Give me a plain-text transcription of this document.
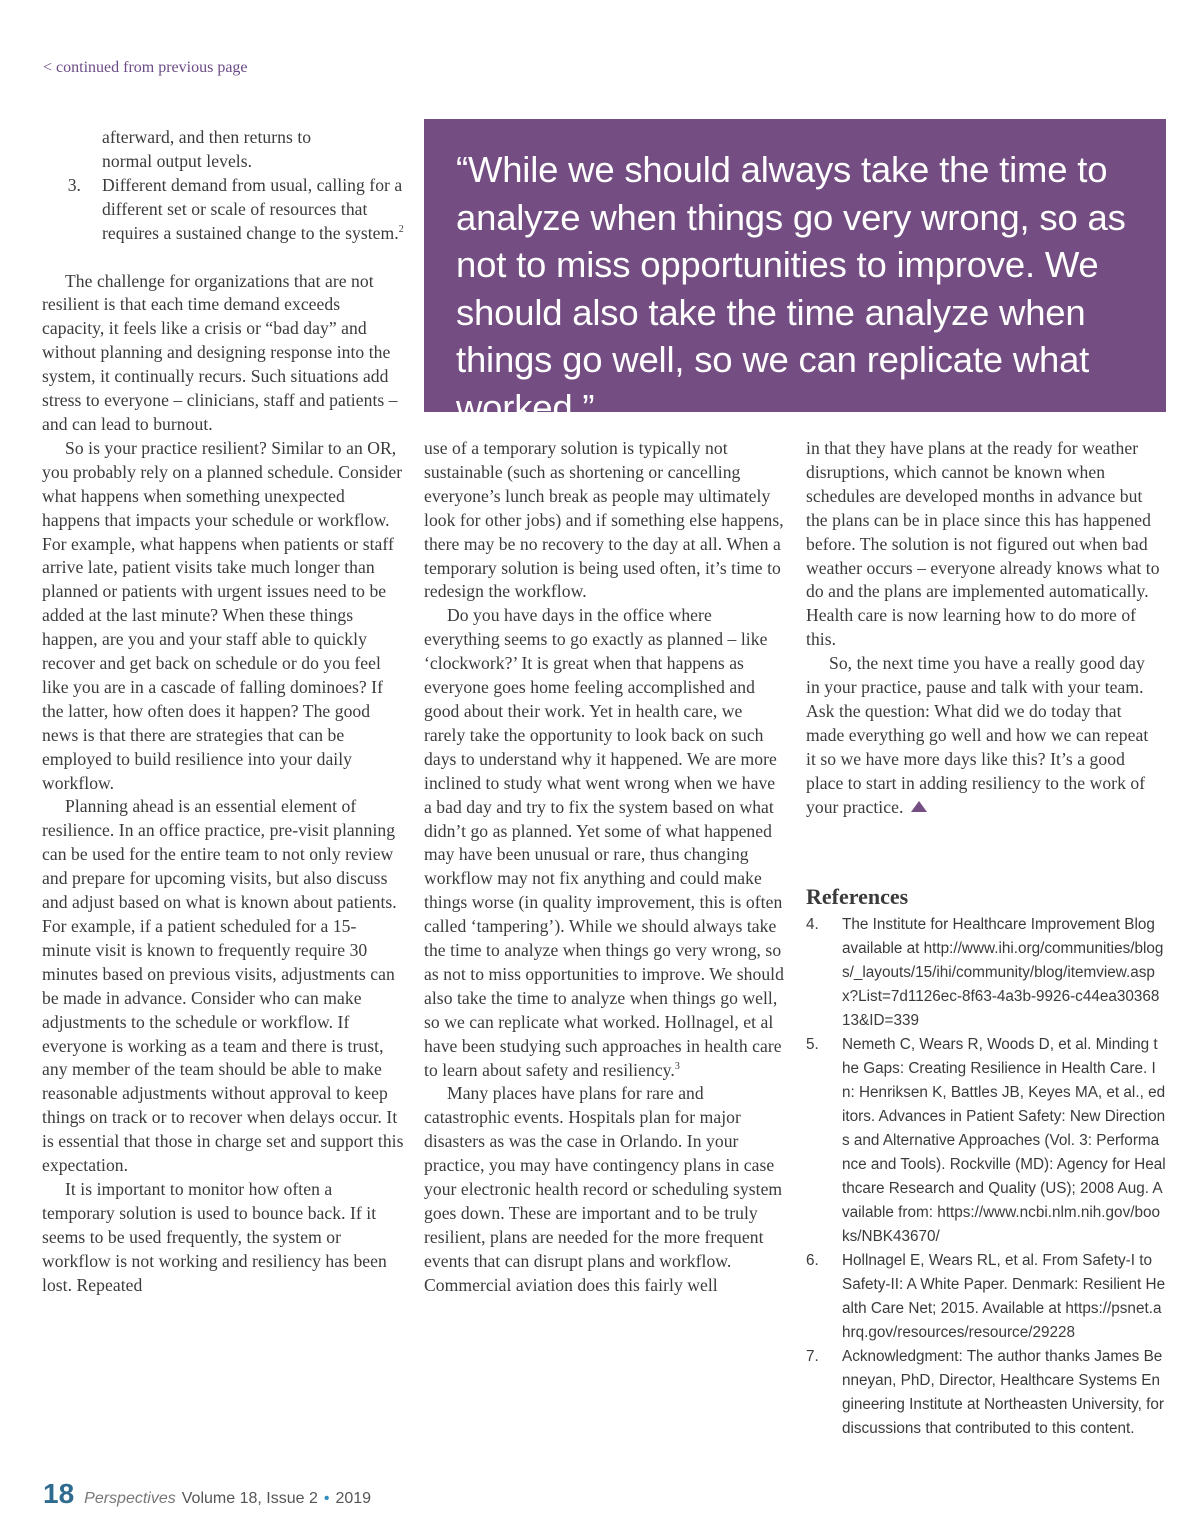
< continued from previous page
afterward, and then returns to
normal output levels.
3.	Different demand from usual, calling for a different set or scale of resources that requires a sustained change to the system.$^2$

The challenge for organizations that are not resilient is that each time demand exceeds capacity, it feels like a crisis or “bad day” and without planning and designing response into the system, it continually recurs. Such situations add stress to everyone – clinicians, staff and patients – and can lead to burnout.

So is your practice resilient? Similar to an OR, you probably rely on a planned schedule. Consider what happens when something unexpected happens that impacts your schedule or workflow. For example, what happens when patients or staff arrive late, patient visits take much longer than planned or patients with urgent issues need to be added at the last minute? When these things happen, are you and your staff able to quickly recover and get back on schedule or do you feel like you are in a cascade of falling dominoes? If the latter, how often does it happen? The good news is that there are strategies that can be employed to build resilience into your daily workflow.

Planning ahead is an essential element of resilience. In an office practice, pre-visit planning can be used for the entire team to not only review and prepare for upcoming visits, but also discuss and adjust based on what is known about patients. For example, if a patient scheduled for a 15-minute visit is known to frequently require 30 minutes based on previous visits, adjustments can be made in advance. Consider who can make adjustments to the schedule or workflow. If everyone is working as a team and there is trust, any member of the team should be able to make reasonable adjustments without approval to keep things on track or to recover when delays occur. It is essential that those in charge set and support this expectation.

It is important to monitor how often a temporary solution is used to bounce back. If it seems to be used frequently, the system or workflow is not working and resiliency has been lost. Repeated

“While we should always take the time to analyze when things go very wrong, so as not to miss opportunities to improve. We should also take the time analyze when things go well, so we can replicate what worked.”

use of a temporary solution is typically not sustainable (such as shortening or cancelling everyone’s lunch break as people may ultimately look for other jobs) and if something else happens, there may be no recovery to the day at all. When a temporary solution is being used often, it’s time to redesign the workflow.

Do you have days in the office where everything seems to go exactly as planned – like ‘clockwork?’ It is great when that happens as everyone goes home feeling accomplished and good about their work. Yet in health care, we rarely take the opportunity to look back on such days to understand why it happened. We are more inclined to study what went wrong when we have a bad day and try to fix the system based on what didn’t go as planned. Yet some of what happened may have been unusual or rare, thus changing workflow may not fix anything and could make things worse (in quality improvement, this is often called ‘tampering’). While we should always take the time to analyze when things go very wrong, so as not to miss opportunities to improve. We should also take the time to analyze when things go well, so we can replicate what worked. Hollnagel, et al have been studying such approaches in health care to learn about safety and resiliency.$^3$

Many places have plans for rare and catastrophic events. Hospitals plan for major disasters as was the case in Orlando. In your practice, you may have contingency plans in case your electronic health record or scheduling system goes down. These are important and to be truly resilient, plans are needed for the more frequent events that can disrupt plans and workflow. Commercial aviation does this fairly well

in that they have plans at the ready for weather disruptions, which cannot be known when schedules are developed months in advance but the plans can be in place since this has happened before. The solution is not figured out when bad weather occurs – everyone already knows what to do and the plans are implemented automatically. Health care is now learning how to do more of this.

So, the next time you have a really good day in your practice, pause and talk with your team. Ask the question: What did we do today that made everything go well and how we can repeat it so we have more days like this? It’s a good place to start in adding resiliency to the work of your practice.

References
4.	The Institute for Healthcare Improvement Blog available at http://www.ihi.org/communities/blogs/_layouts/15/ihi/community/blog/itemview.aspx?List=7d1126ec-8f63-4a3b-9926-c44ea3036813&ID=339
5.	Nemeth C, Wears R, Woods D, et al. Minding the Gaps: Creating Resilience in Health Care. In: Henriksen K, Battles JB, Keyes MA, et al., editors. Advances in Patient Safety: New Directions and Alternative Approaches (Vol. 3: Performance and Tools). Rockville (MD): Agency for Healthcare Research and Quality (US); 2008 Aug. Available from: https://www.ncbi.nlm.nih.gov/books/NBK43670/
6.	Hollnagel E, Wears RL, et al. From Safety-I to Safety-II: A White Paper. Denmark: Resilient Health Care Net; 2015. Available at https://psnet.ahrq.gov/resources/resource/29228
7.	Acknowledgment: The author thanks James Benneyan, PhD, Director, Healthcare Systems Engineering Institute at Northeasten University, for discussions that contributed to this content.
18 Perspectives Volume 18, Issue 2 • 2019
